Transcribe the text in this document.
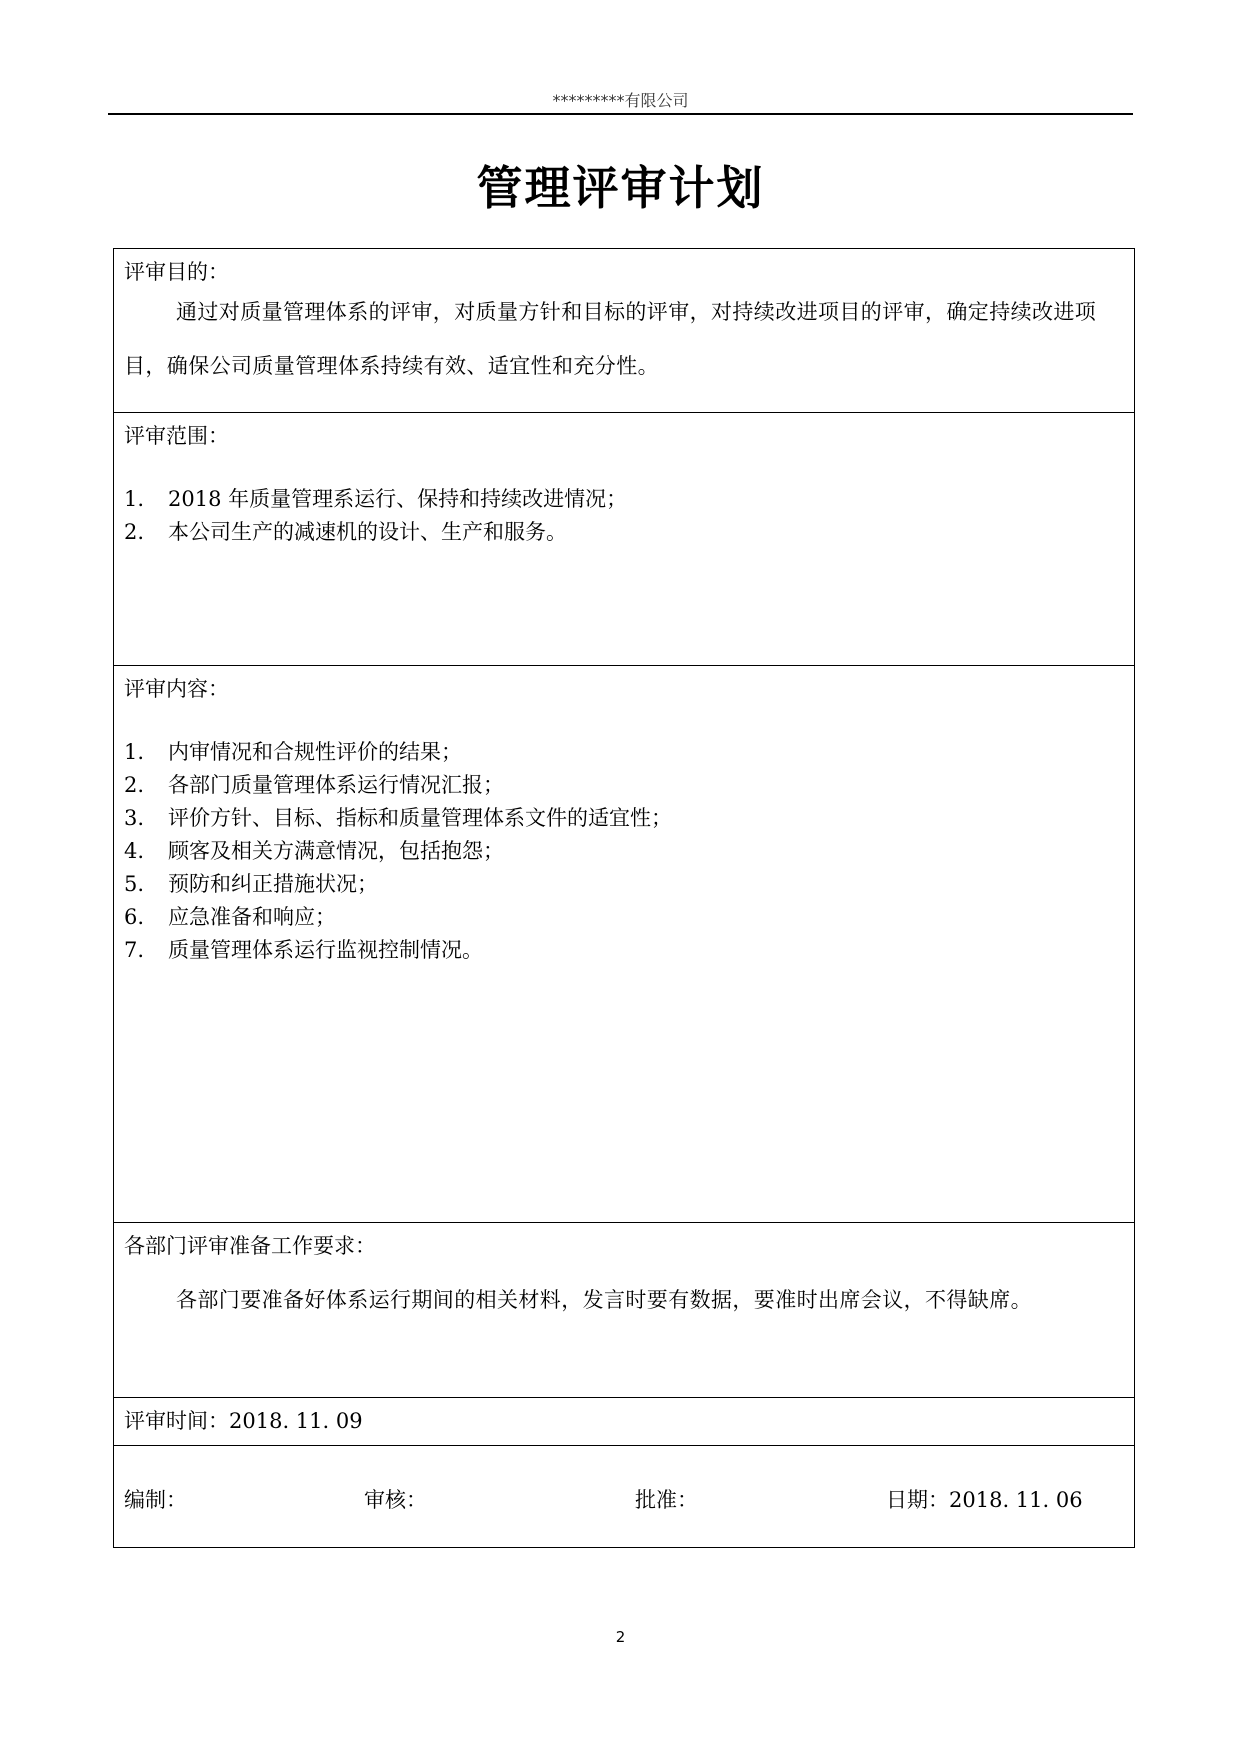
*********有限公司
管理评审计划
评审目的：
通过对质量管理体系的评审，对质量方针和目标的评审，对持续改进项目的评审，确定持续改进项目，确保公司质量管理体系持续有效、适宜性和充分性。
评审范围：
1.	2018 年质量管理系运行、保持和持续改进情况；
2.	本公司生产的减速机的设计、生产和服务。
评审内容：
1.	内审情况和合规性评价的结果；
2.	各部门质量管理体系运行情况汇报；
3.	评价方针、目标、指标和质量管理体系文件的适宜性；
4.	顾客及相关方满意情况，包括抱怨；
5.	预防和纠正措施状况；
6.	应急准备和响应；
7.	质量管理体系运行监视控制情况。
各部门评审准备工作要求：
各部门要准备好体系运行期间的相关材料，发言时要有数据，要准时出席会议，不得缺席。
评审时间：2018. 11. 09
编制：	审核：	批准：	日期：2018. 11. 06
2
